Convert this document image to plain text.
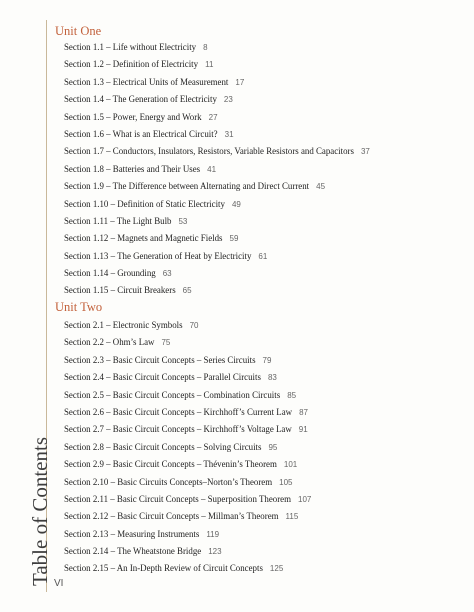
Table of Contents VI
Unit One
Section 1.1 – Life without Electricity 8
Section 1.2 – Definition of Electricity 11
Section 1.3 – Electrical Units of Measurement 17
Section 1.4 – The Generation of Electricity 23
Section 1.5 – Power, Energy and Work 27
Section 1.6 – What is an Electrical Circuit? 31
Section 1.7 – Conductors, Insulators, Resistors, Variable Resistors and Capacitors 37
Section 1.8 – Batteries and Their Uses 41
Section 1.9 – The Difference between Alternating and Direct Current 45
Section 1.10 – Definition of Static Electricity 49
Section 1.11 – The Light Bulb 53
Section 1.12 – Magnets and Magnetic Fields 59
Section 1.13 – The Generation of Heat by Electricity 61
Section 1.14 – Grounding 63
Section 1.15 – Circuit Breakers 65
Unit Two
Section 2.1 – Electronic Symbols 70
Section 2.2 – Ohm’s Law 75
Section 2.3 – Basic Circuit Concepts – Series Circuits 79
Section 2.4 – Basic Circuit Concepts – Parallel Circuits 83
Section 2.5 – Basic Circuit Concepts – Combination Circuits 85
Section 2.6 – Basic Circuit Concepts – Kirchhoff’s Current Law 87
Section 2.7 – Basic Circuit Concepts – Kirchhoff’s Voltage Law 91
Section 2.8 – Basic Circuit Concepts – Solving Circuits 95
Section 2.9 – Basic Circuit Concepts – Thévenin’s Theorem 101
Section 2.10 – Basic Circuits Concepts–Norton’s Theorem 105
Section 2.11 – Basic Circuit Concepts – Superposition Theorem 107
Section 2.12 – Basic Circuit Concepts – Millman’s Theorem 115
Section 2.13 – Measuring Instruments 119
Section 2.14 – The Wheatstone Bridge 123
Section 2.15 – An In-Depth Review of Circuit Concepts 125
